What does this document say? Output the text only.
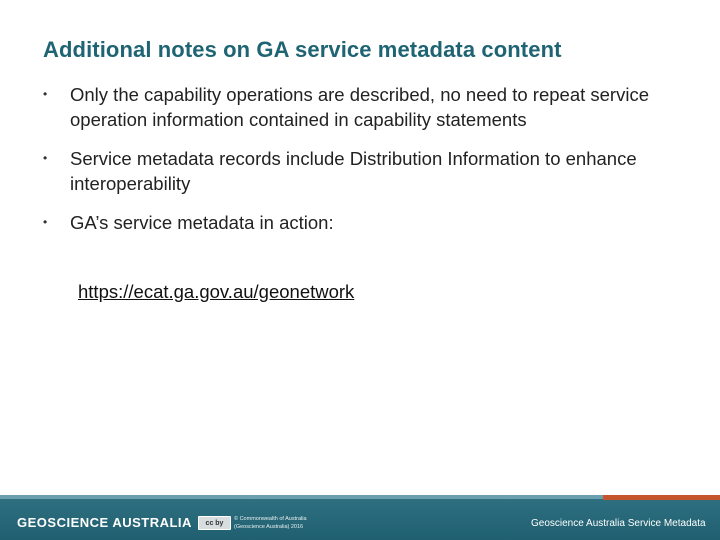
Additional notes on GA service metadata content
•	Only the capability operations are described, no need to repeat service operation information contained in capability statements
•	Service metadata records include Distribution Information to enhance interoperability
•	GA’s service metadata in action:
https://ecat.ga.gov.au/geonetwork
GEOSCIENCE AUSTRALIA cc by
© Commonwealth of Australia
(Geoscience Australia) 2016	Geoscience Australia Service Metadata
